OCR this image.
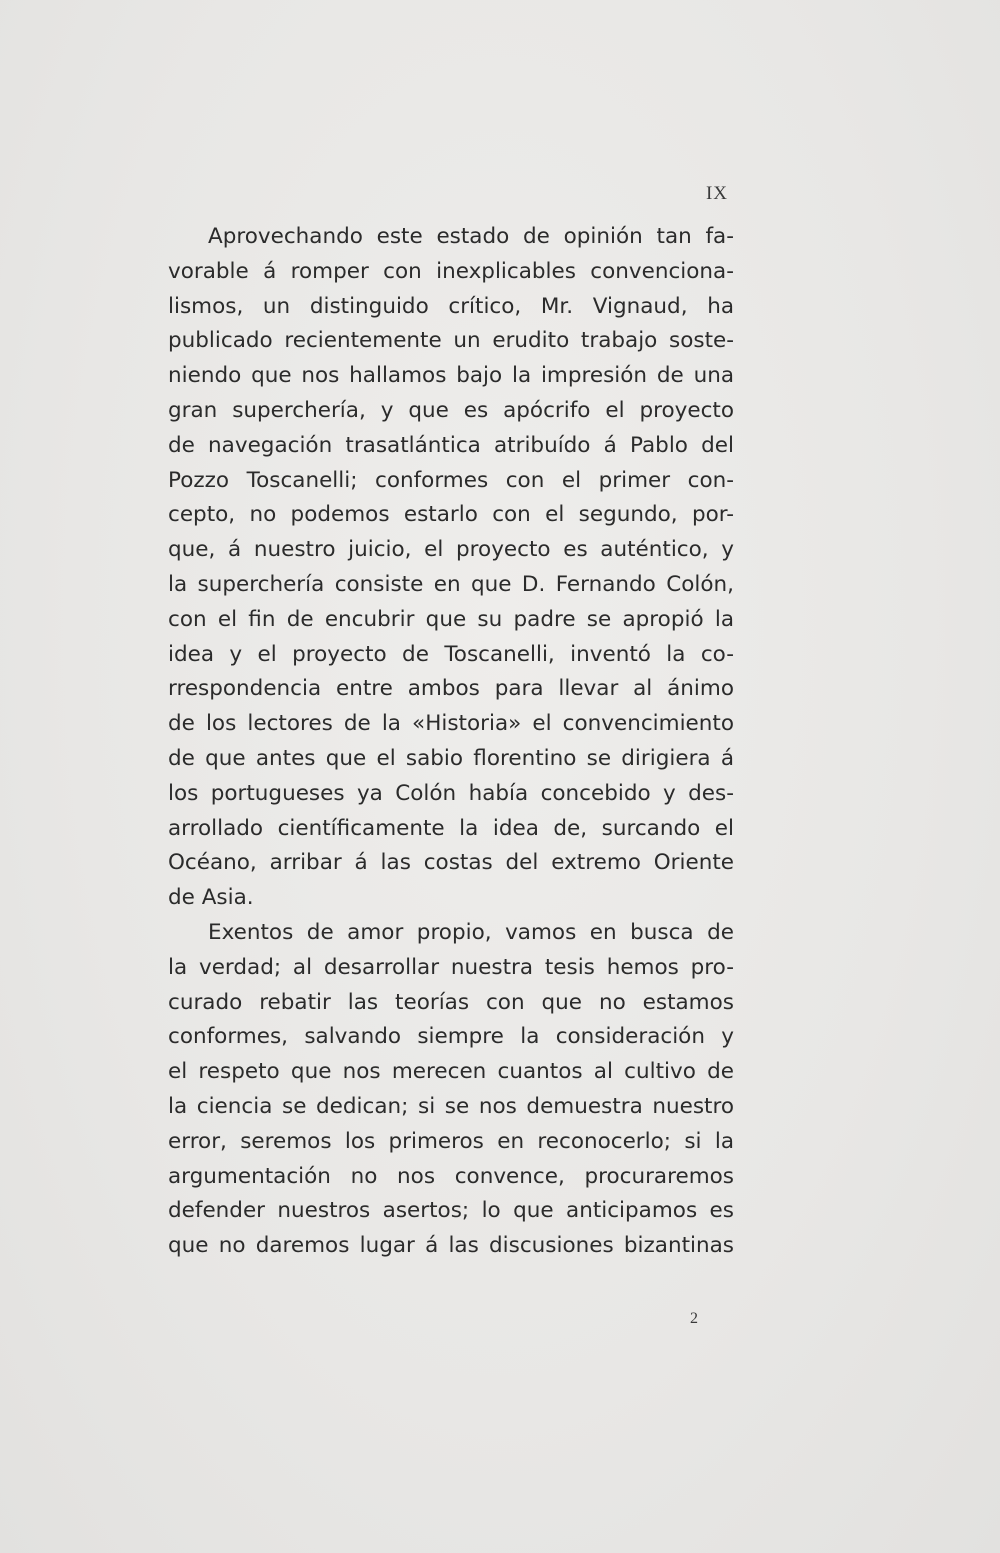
IX
Aprovechando este estado de opinión tan fa-
vorable á romper con inexplicables convenciona-
lismos, un distinguido crítico, Mr. Vignaud, ha
publicado recientemente un erudito trabajo soste-
niendo que nos hallamos bajo la impresión de una
gran superchería, y que es apócrifo el proyecto
de navegación trasatlántica atribuído á Pablo del
Pozzo Toscanelli; conformes con el primer con-
cepto, no podemos estarlo con el segundo, por-
que, á nuestro juicio, el proyecto es auténtico, y
la superchería consiste en que D. Fernando Colón,
con el fin de encubrir que su padre se apropió la
idea y el proyecto de Toscanelli, inventó la co-
rrespondencia entre ambos para llevar al ánimo
de los lectores de la «Historia» el convencimiento
de que antes que el sabio florentino se dirigiera á
los portugueses ya Colón había concebido y des-
arrollado científicamente la idea de, surcando el
Océano, arribar á las costas del extremo Oriente
de Asia.
Exentos de amor propio, vamos en busca de
la verdad; al desarrollar nuestra tesis hemos pro-
curado rebatir las teorías con que no estamos
conformes, salvando siempre la consideración y
el respeto que nos merecen cuantos al cultivo de
la ciencia se dedican; si se nos demuestra nuestro
error, seremos los primeros en reconocerlo; si la
argumentación no nos convence, procuraremos
defender nuestros asertos; lo que anticipamos es
que no daremos lugar á las discusiones bizantinas
2
